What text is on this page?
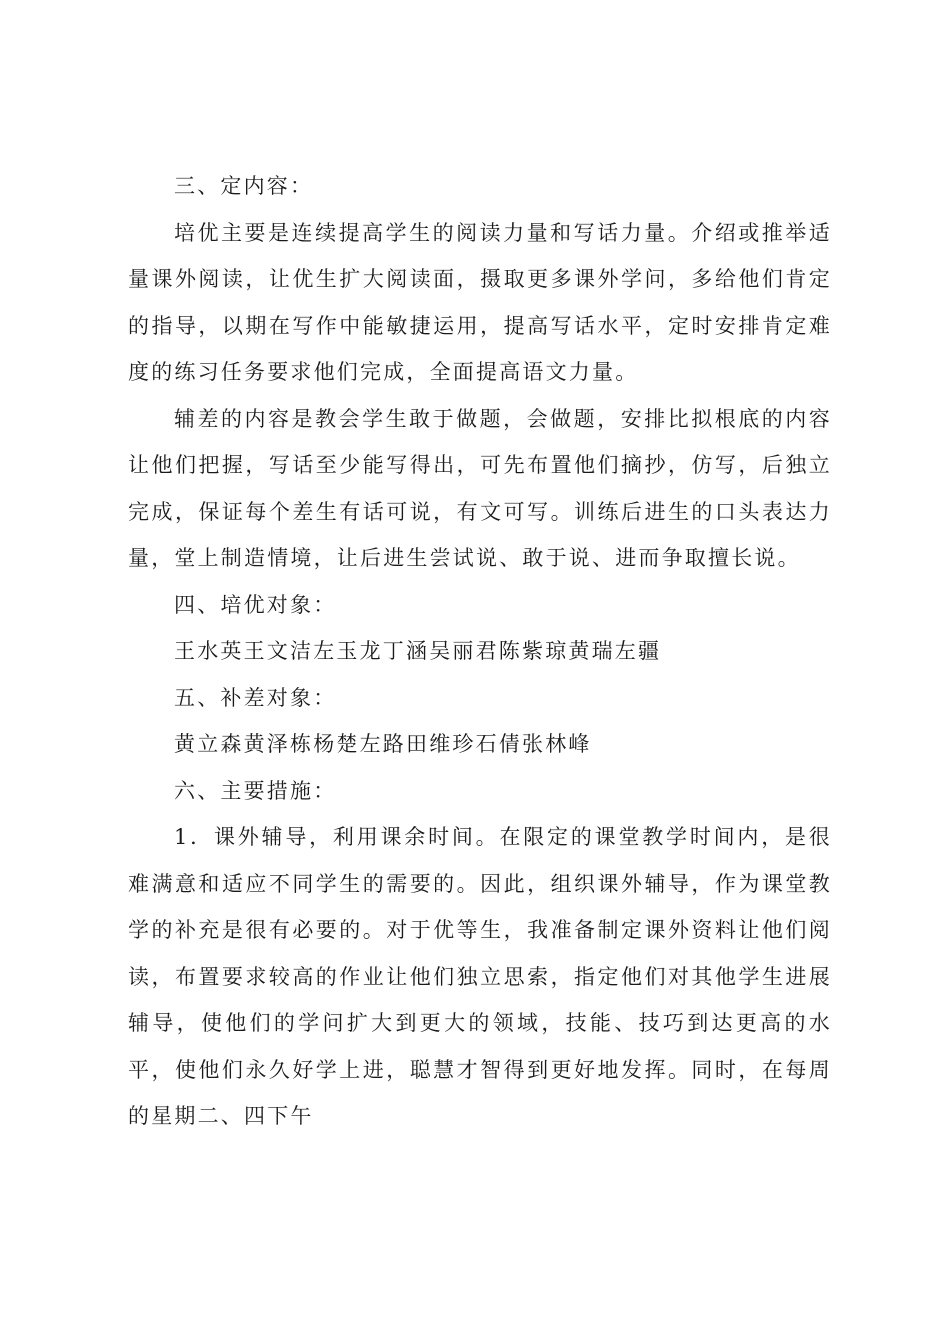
三、定内容：

培优主要是连续提高学生的阅读力量和写话力量。介绍或推举适量课外阅读，让优生扩大阅读面，摄取更多课外学问，多给他们肯定的指导，以期在写作中能敏捷运用，提高写话水平，定时安排肯定难度的练习任务要求他们完成，全面提高语文力量。

辅差的内容是教会学生敢于做题，会做题，安排比拟根底的内容让他们把握，写话至少能写得出，可先布置他们摘抄，仿写，后独立完成，保证每个差生有话可说，有文可写。训练后进生的口头表达力量，堂上制造情境，让后进生尝试说、敢于说、进而争取擅长说。

四、培优对象：

王水英王文洁左玉龙丁涵吴丽君陈紫琼黄瑞左疆

五、补差对象：

黄立森黄泽栋杨楚左路田维珍石倩张林峰

六、主要措施：

1．课外辅导，利用课余时间。在限定的课堂教学时间内，是很难满意和适应不同学生的需要的。因此，组织课外辅导，作为课堂教学的补充是很有必要的。对于优等生，我准备制定课外资料让他们阅读，布置要求较高的作业让他们独立思索，指定他们对其他学生进展辅导，使他们的学问扩大到更大的领域，技能、技巧到达更高的水平，使他们永久好学上进，聪慧才智得到更好地发挥。同时，在每周的星期二、四下午
